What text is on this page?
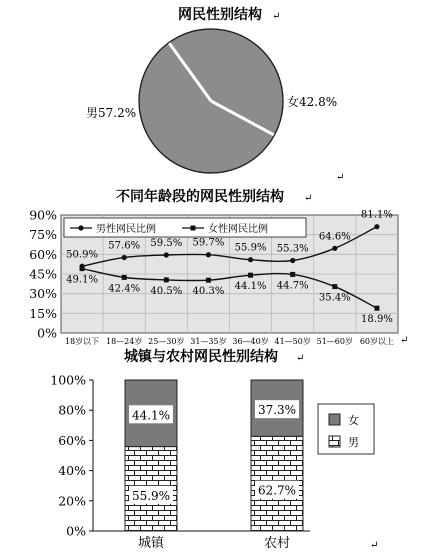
网民性别结构 ↵
男57.2%
女42.8%
↵
不同年龄段的网民性别结构 ↵
0%
15%
30%
45%
60%
75%
90%
18岁以下 18—24岁 25—30岁 31—35岁 36—40岁 41—50岁 51—60岁 60岁以上
50.9%
57.6% 59.5% 59.7% 55.9% 55.3%
64.6%
81.1%
49.1%
42.4% 40.5% 40.3% 44.1% 44.7%
35.4%
18.9%
男性网民比例	女性网民比例
↵
城镇与农村网民性别结构 ↵
0%
20%
40%
60%
80%
100%
44.1%
55.9%
37.3%
62.7%
城镇	农村
女
男
↵
